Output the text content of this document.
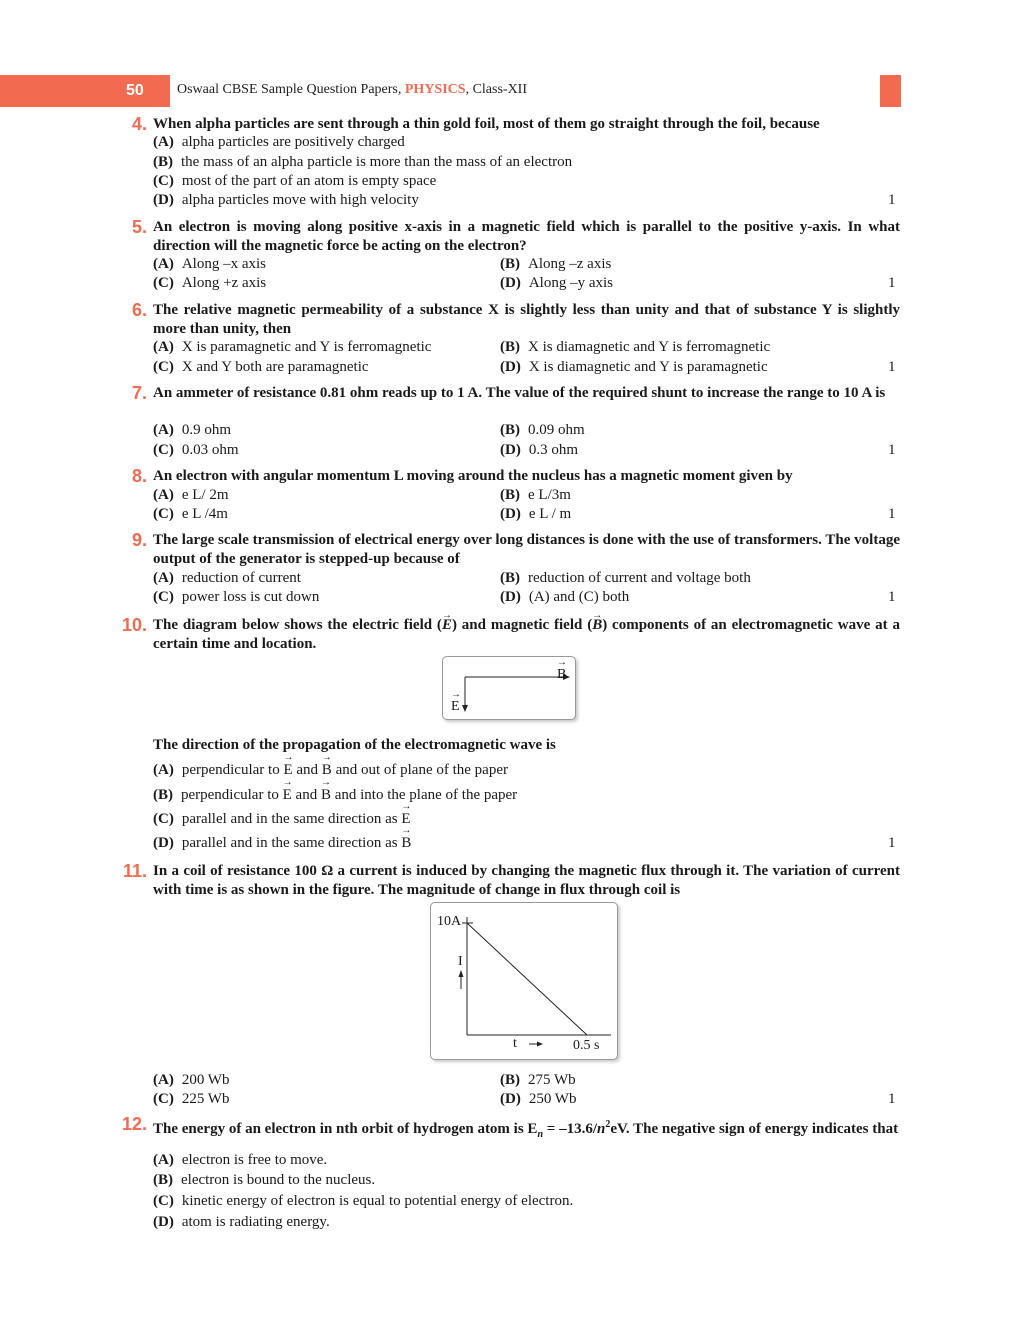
50 Oswaal CBSE Sample Question Papers, PHYSICS, Class-XII
4. When alpha particles are sent through a thin gold foil, most of them go straight through the foil, because
(A) alpha particles are positively charged
(B) the mass of an alpha particle is more than the mass of an electron
(C) most of the part of an atom is empty space
(D) alpha particles move with high velocity	1
5. An electron is moving along positive x-axis in a magnetic field which is parallel to the positive y-axis. In what direction will the magnetic force be acting on the electron?
(A) Along –x axis	(B) Along –z axis
(C) Along +z axis	(D) Along –y axis	1
6. The relative magnetic permeability of a substance X is slightly less than unity and that of substance Y is slightly more than unity, then
(A) X is paramagnetic and Y is ferromagnetic	(B) X is diamagnetic and Y is ferromagnetic
(C) X and Y both are paramagnetic	(D) X is diamagnetic and Y is paramagnetic	1
7. An ammeter of resistance 0.81 ohm reads up to 1 A. The value of the required shunt to increase the range to 10 A is
(A) 0.9 ohm	(B) 0.09 ohm
(C) 0.03 ohm	(D) 0.3 ohm	1
8. An electron with angular momentum L moving around the nucleus has a magnetic moment given by
(A) e L/ 2m	(B) e L/3m
(C) e L /4m	(D) e L / m	1
9. The large scale transmission of electrical energy over long distances is done with the use of transformers. The voltage output of the generator is stepped-up because of
(A) reduction of current	(B) reduction of current and voltage both
(C) power loss is cut down	(D) (A) and (C) both	1
10. The diagram below shows the electric field (→ E) and magnetic field (→ B) components of an electromagnetic wave at a certain time and location.
→ B
→ E
The direction of the propagation of the electromagnetic wave is
(A) perpendicular to → E and → B and out of plane of the paper
(B) perpendicular to → E and → B and into the plane of the paper
(C) parallel and in the same direction as → E
(D) parallel and in the same direction as → B	1
11. In a coil of resistance 100 Ω a current is induced by changing the magnetic flux through it. The variation of current with time is as shown in the figure. The magnitude of change in flux through coil is
10A
I
t	0.5 s
(A) 200 Wb	(B) 275 Wb
(C) 225 Wb	(D) 250 Wb	1
12. The energy of an electron in nth orbit of hydrogen atom is $E_n = -13.6/n^2eV$. The negative sign of energy indicates that
(A) electron is free to move.
(B) electron is bound to the nucleus.
(C) kinetic energy of electron is equal to potential energy of electron.
(D) atom is radiating energy.
